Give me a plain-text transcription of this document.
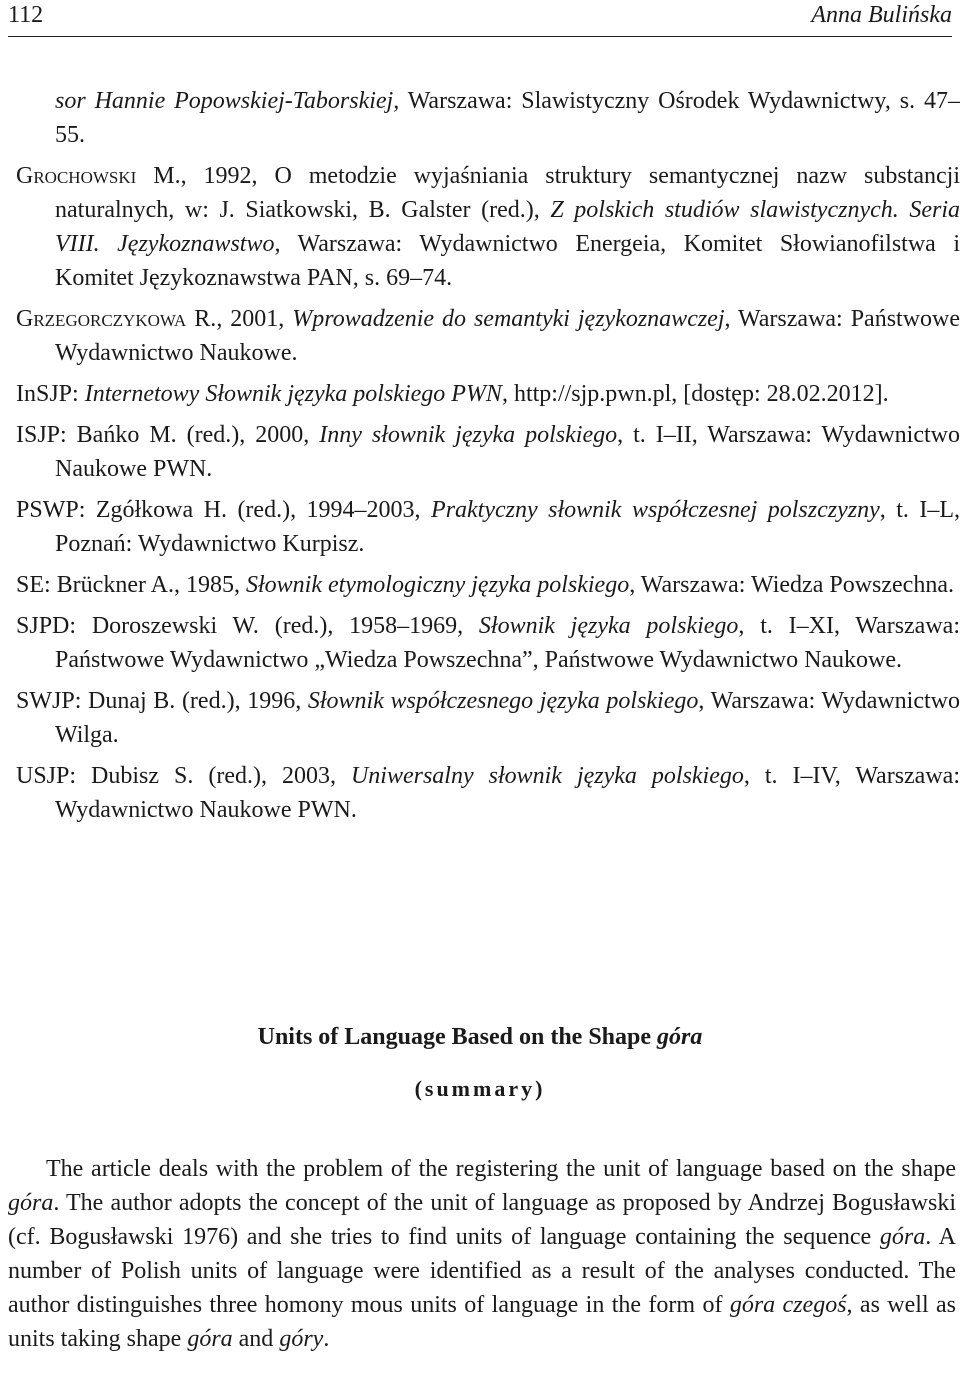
112	Anna Bulińska
sor Hannie Popowskiej-Taborskiej, Warszawa: Slawistyczny Ośrodek Wydawnictwy, s. 47–55.
Grochowski M., 1992, O metodzie wyjaśniania struktury semantycznej nazw substancji naturalnych, w: J. Siatkowski, B. Galster (red.), Z polskich studiów slawistycznych. Seria VIII. Językoznawstwo, Warszawa: Wydawnictwo Energeia, Komitet Słowianofilstwa i Komitet Językoznawstwa PAN, s. 69–74.
Grzegorczykowa R., 2001, Wprowadzenie do semantyki językoznawczej, Warszawa: Państwowe Wydawnictwo Naukowe.
InSJP: Internetowy Słownik języka polskiego PWN, http://sjp.pwn.pl, [dostęp: 28.02.2012].
ISJP: Bańko M. (red.), 2000, Inny słownik języka polskiego, t. I–II, Warszawa: Wydawnictwo Naukowe PWN.
PSWP: Zgółkowa H. (red.), 1994–2003, Praktyczny słownik współczesnej polszczyzny, t. I–L, Poznań: Wydawnictwo Kurpisz.
SE: Brückner A., 1985, Słownik etymologiczny języka polskiego, Warszawa: Wiedza Powszechna.
SJPD: Doroszewski W. (red.), 1958–1969, Słownik języka polskiego, t. I–XI, Warszawa: Państwowe Wydawnictwo „Wiedza Powszechna”, Państwowe Wydawnictwo Naukowe.
SWJP: Dunaj B. (red.), 1996, Słownik współczesnego języka polskiego, Warszawa: Wydawnictwo Wilga.
USJP: Dubisz S. (red.), 2003, Uniwersalny słownik języka polskiego, t. I–IV, Warszawa: Wydawnictwo Naukowe PWN.
Units of Language Based on the Shape góra
(summary)
The article deals with the problem of the registering the unit of language based on the shape góra. The author adopts the concept of the unit of language as proposed by Andrzej Bogusławski (cf. Bogusławski 1976) and she tries to find units of language containing the sequence góra. A number of Polish units of language were identified as a result of the analyses conducted. The author distinguishes three homony mous units of language in the form of góra czegoś, as well as units taking shape góra and góry.
